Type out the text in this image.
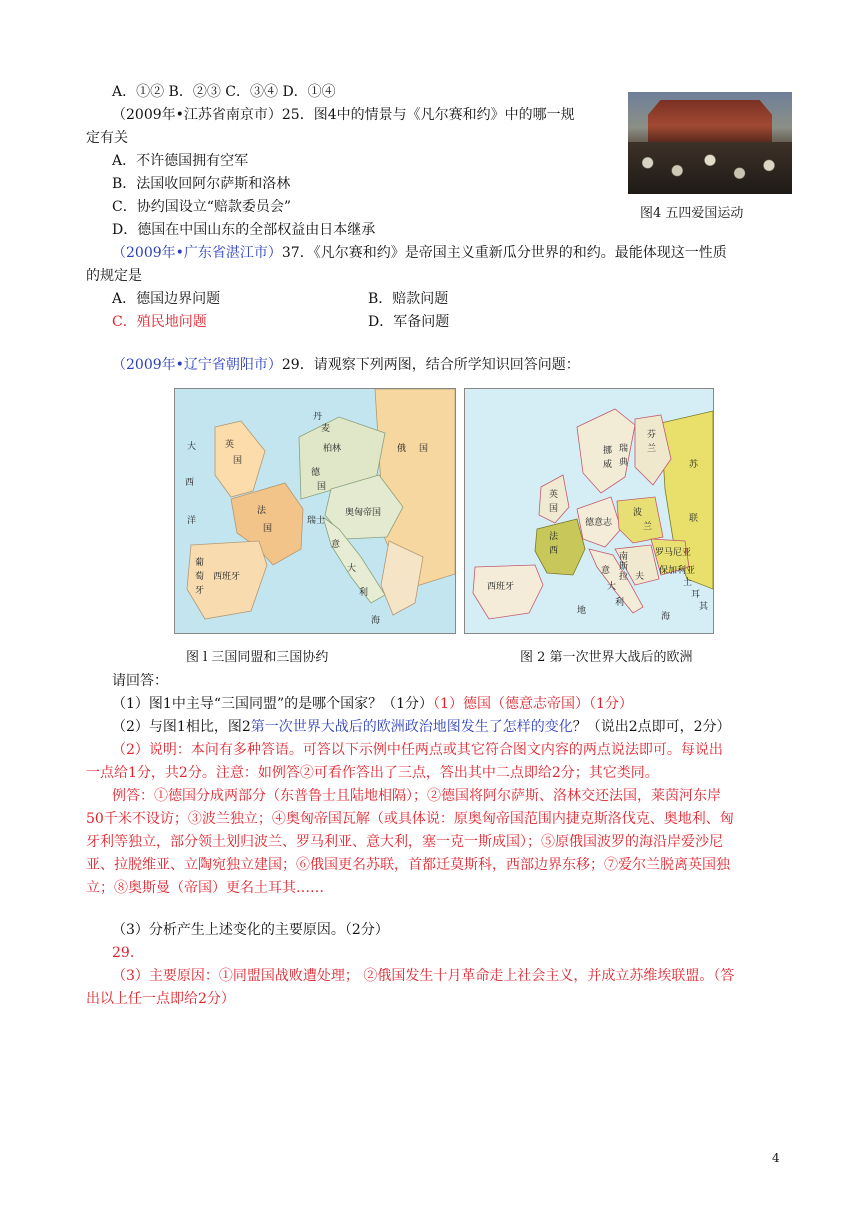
A．①② B．②③ C．③④ D．①④
（2009年•江苏省南京市）25．图4中的情景与《凡尔赛和约》中的哪一规
定有关
A．不许德国拥有空军
B．法国收回阿尔萨斯和洛林
C．协约国设立“赔款委员会”
D．德国在中国山东的全部权益由日本继承
图4 五四爱国运动
（2009年•广东省湛江市）37．《凡尔赛和约》是帝国主义重新瓜分世界的和约。最能体现这一性质
的规定是
A．德国边界问题	B．赔款问题
C．殖民地问题	D．军备问题
（2009年•辽宁省朝阳市）29．请观察下列两图，结合所学知识回答问题：
英
国
丹
麦
柏林
德
国
俄 国
法
国
奥匈帝国
意
大
利
西班牙
葡
萄
牙
瑞士
大
西
洋
海
挪
威
瑞
典
芬
兰
苏
联
英
国
德意志
波
兰
法
西
西班牙
南
斯
拉 夫
意
大
利
罗马尼亚
保加利亚
土
耳
其
地
海
图 l 三国同盟和三国协约	图 2 第一次世界大战后的欧洲
请回答：
（1）图1中主导“三国同盟”的是哪个国家？（1分）（1）德国（德意志帝国）（1分）
（2）与图1相比，图2第一次世界大战后的欧洲政治地图发生了怎样的变化？（说出2点即可，2分）
（2）说明：本问有多种答语。可答以下示例中任两点或其它符合图文内容的两点说法即可。每说出
一点给1分，共2分。注意：如例答②可看作答出了三点，答出其中二点即给2分；其它类同。
例答：①德国分成两部分（东普鲁士且陆地相隔）；②德国将阿尔萨斯、洛林交还法国，莱茵河东岸
50千米不设访；③波兰独立；④奥匈帝国瓦解（或具体说：原奥匈帝国范围内捷克斯洛伐克、奥地利、匈
牙利等独立，部分领土划归波兰、罗马利亚、意大利，塞一克一斯成国）；⑤原俄国波罗的海沿岸爱沙尼
亚、拉脱维亚、立陶宛独立建国；⑥俄国更名苏联，首都迁莫斯科，西部边界东移；⑦爱尔兰脱离英国独
立；⑧奥斯曼（帝国）更名土耳其……
（3）分析产生上述变化的主要原因。（2分）
29.
（3）主要原因：①同盟国战败遭处理； ②俄国发生十月革命走上社会主义，并成立苏维埃联盟。（答
出以上任一点即给2分）
4
